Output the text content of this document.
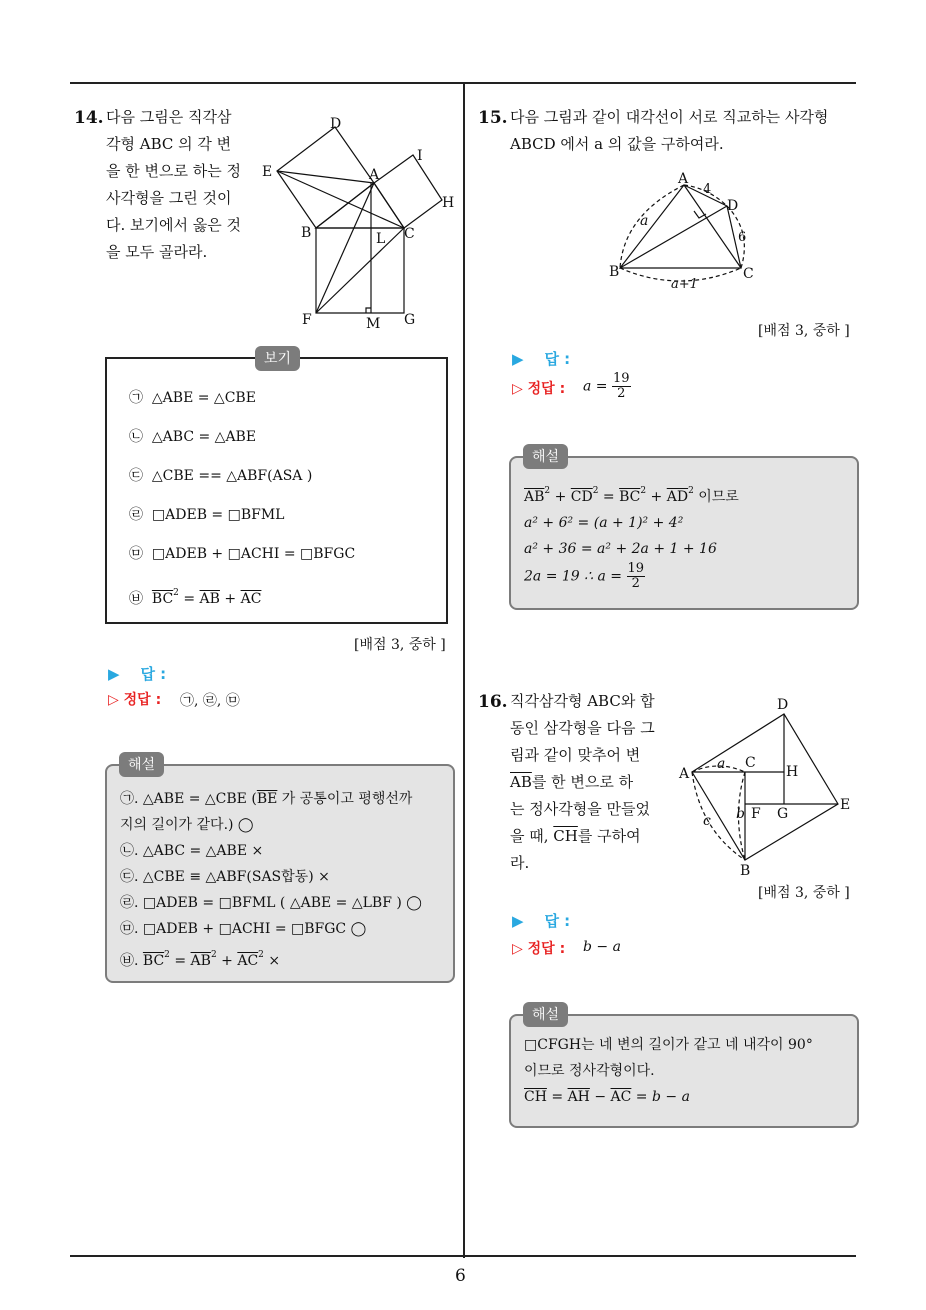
6
14. 다음 그림은 직각삼
각형 ABC 의 각 변
을 한 변으로 하는 정
사각형을 그린 것이
다. 보기에서 옳은 것
을 모두 골라라.
D
E	A
I
H
B	L C
F	M G
㉠ △ABE = △CBE
㉡ △ABC = △ABE
㉢ △CBE == △ABF(ASA )
㉣ □ADEB = □BFML
㉤ □ADEB + □ACHI = □BFGC
㉥ $\overline{BC}^2 = \overline{AB} + \overline{AC}$
보기
[배점 3, 중하 ]
▶    답 :
▷ 정답 : ㉠, ㉣, ㉤
㉠. △ABE = △CBE ($\overline{BE}$ 가 공통이고 평행선까
지의 길이가 같다.) ◯
㉡. △ABC = △ABE ×
㉢. △CBE ≡ △ABF(SAS합동) ×
㉣. □ADEB = □BFML ( △ABE = △LBF ) ◯
㉤. □ADEB + □ACHI = □BFGC ◯
㉥. $\overline{BC}^2 = \overline{AB}^2 + \overline{AC}^2$ ×
해설
15. 다음 그림과 같이 대각선이 서로 직교하는 사각형
ABCD 에서 a 의 값을 구하여라.
A
4
D
a
6
B	C
a+1
[배점 3, 중하 ]
▶    답 :
▷ 정답 : $a = \frac{19}{2}$
$\overline{AB}^2 + \overline{CD}^2 = \overline{BC}^2 + \overline{AD}^2$ 이므로
a² + 6² = (a + 1)² + 4²
a² + 36 = a² + 2a + 1 + 16
2a = 19 ∴ $a = \frac{19}{2}$
해설
16. 직각삼각형 ABC와 합
동인 삼각형을 다음 그
림과 같이 맞추어 변
$\overline{AB}$를 한 변으로 하
는 정사각형을 만들었
을 때, $\overline{CH}$를 구하여
라.
D
A
a C
H
E
b F G
c
B
[배점 3, 중하 ]
▶    답 :
▷ 정답 : b − a
□CFGH는 네 변의 길이가 같고 네 내각이 90°
이므로 정사각형이다.
$\overline{CH} = \overline{AH} - \overline{AC} = b - a$
해설
